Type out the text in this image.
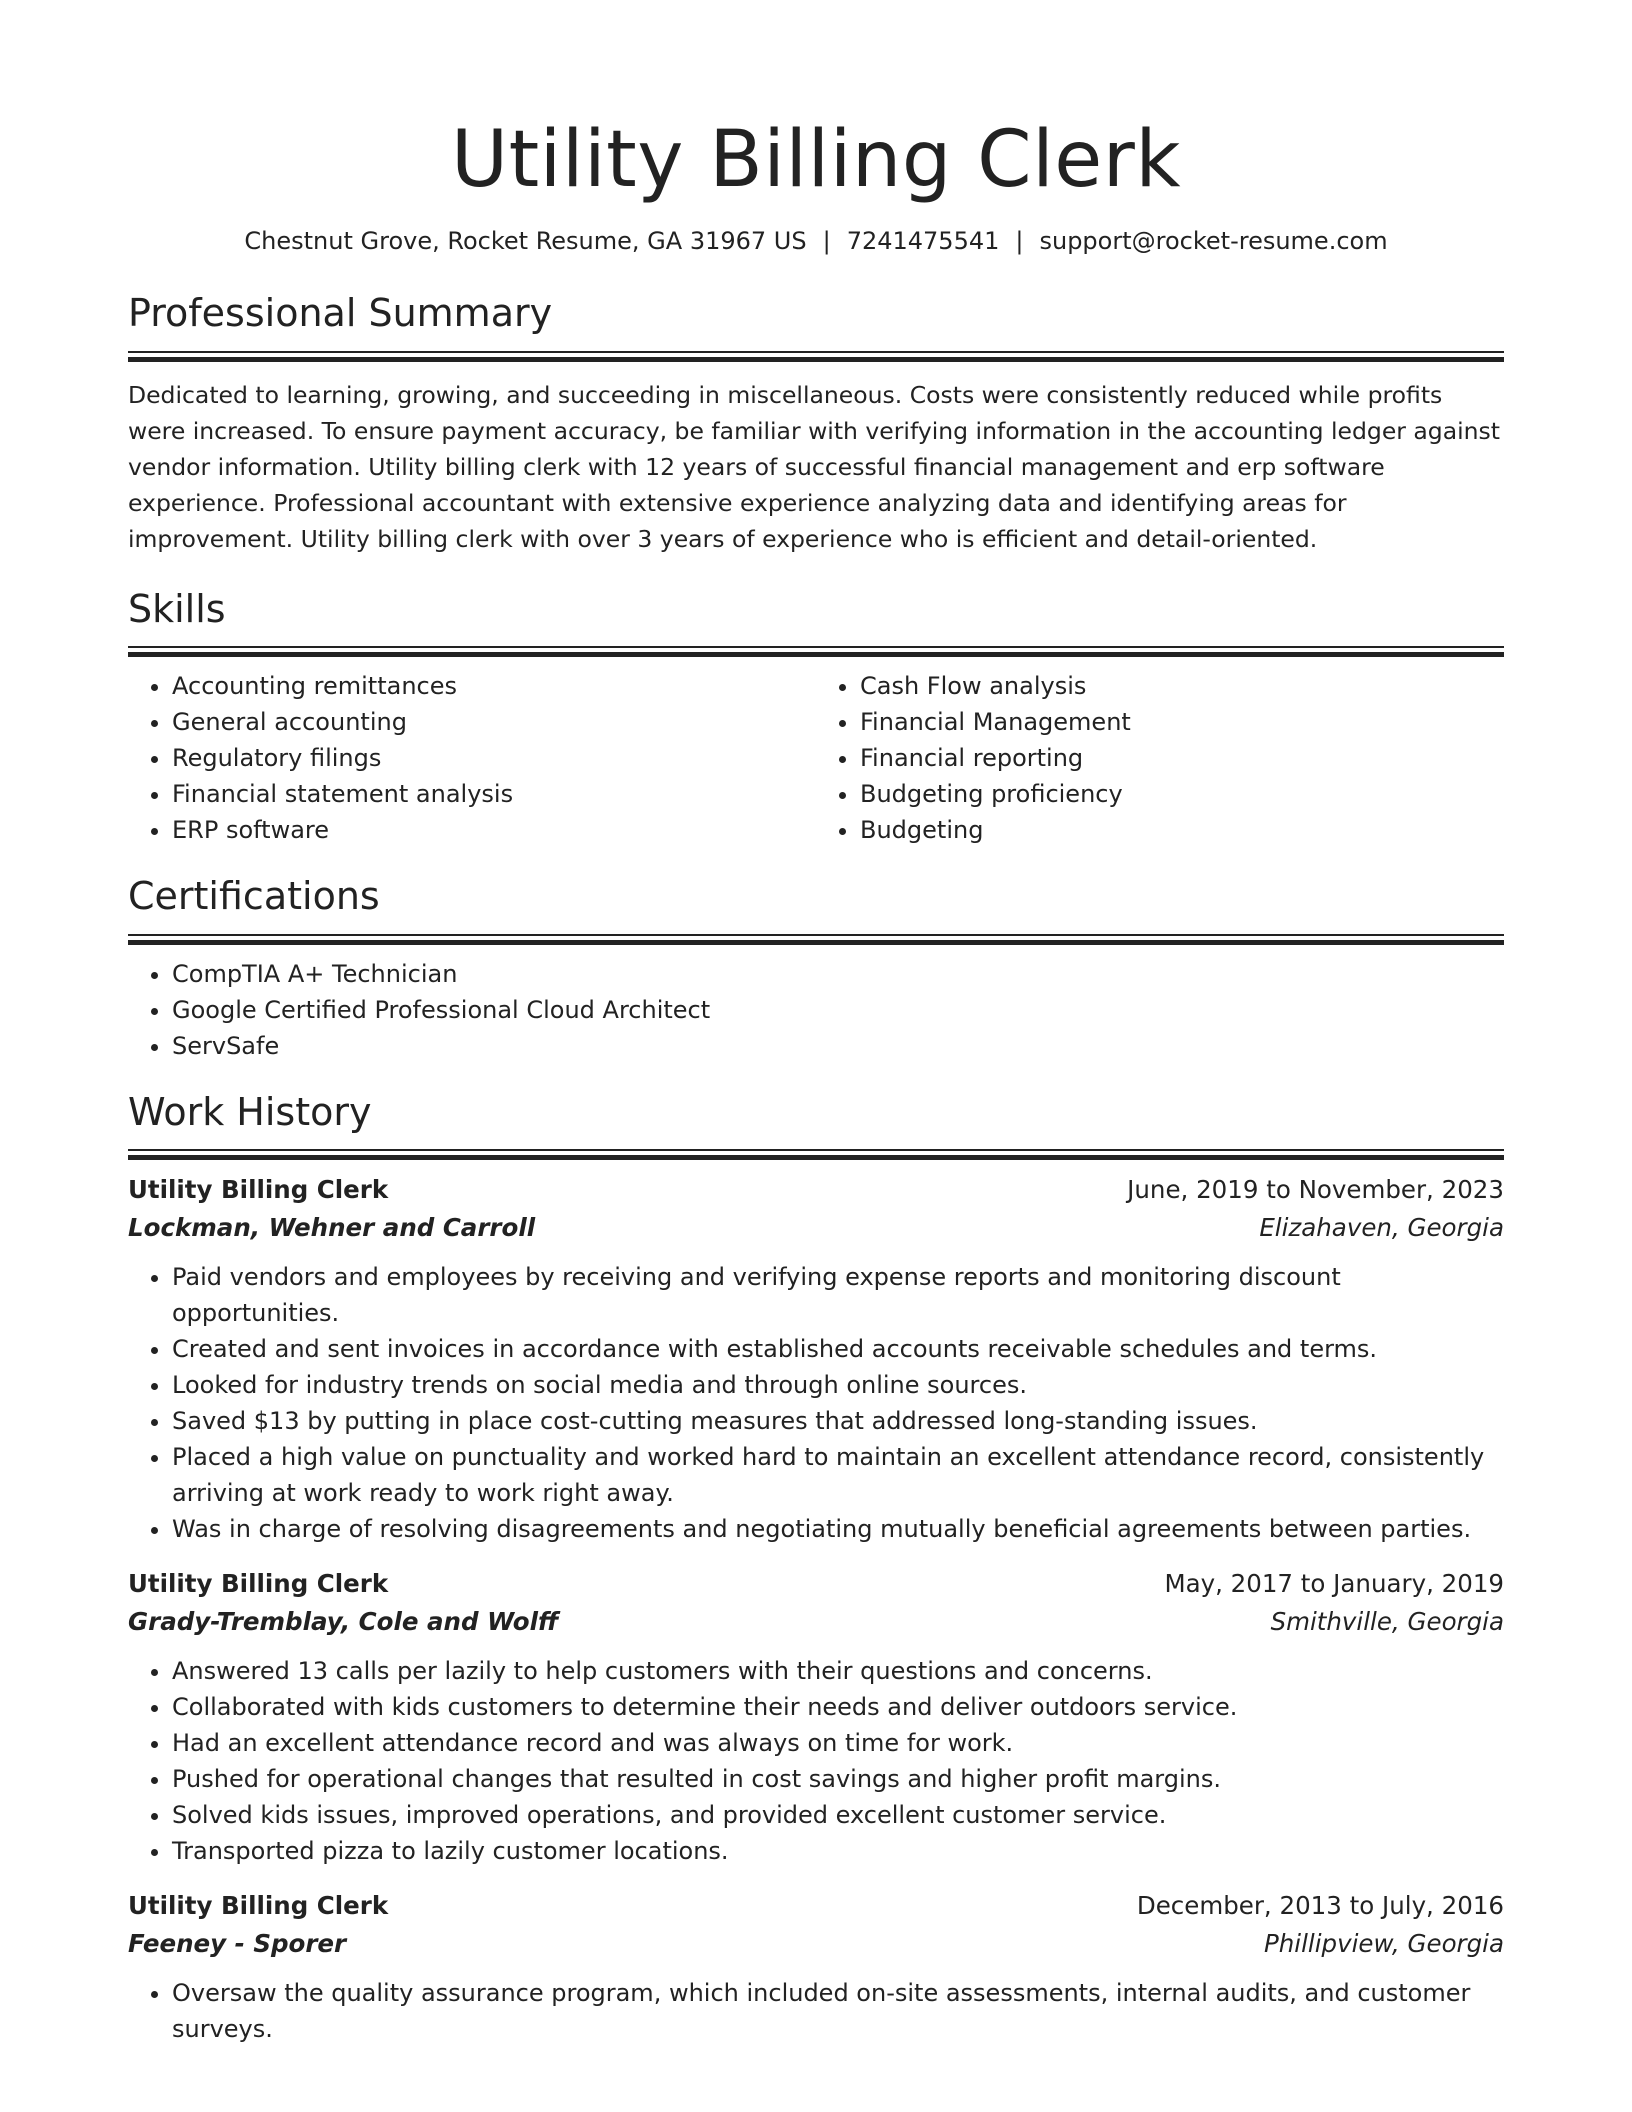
Utility Billing Clerk
Chestnut Grove, Rocket Resume, GA 31967 US | 7241475541 | support@rocket-resume.com
Professional Summary

Dedicated to learning, growing, and succeeding in miscellaneous. Costs were consistently reduced while profits were increased. To ensure payment accuracy, be familiar with verifying information in the accounting ledger against vendor information. Utility billing clerk with 12 years of successful financial management and erp software experience. Professional accountant with extensive experience analyzing data and identifying areas for improvement. Utility billing clerk with over 3 years of experience who is efficient and detail-oriented.

Skills
• Accounting remittances
• General accounting
• Regulatory filings
• Financial statement analysis
• ERP software
• Cash Flow analysis
• Financial Management
• Financial reporting
• Budgeting proficiency
• Budgeting
Certifications
• CompTIA A+ Technician
• Google Certified Professional Cloud Architect
• ServSafe
Work History
Utility Billing Clerk	June, 2019 to November, 2023
Lockman, Wehner and Carroll	Elizahaven, Georgia
• Paid vendors and employees by receiving and verifying expense reports and monitoring discount opportunities.
• Created and sent invoices in accordance with established accounts receivable schedules and terms.
• Looked for industry trends on social media and through online sources.
• Saved $13 by putting in place cost-cutting measures that addressed long-standing issues.
• Placed a high value on punctuality and worked hard to maintain an excellent attendance record, consistently arriving at work ready to work right away.
• Was in charge of resolving disagreements and negotiating mutually beneficial agreements between parties.
Utility Billing Clerk	May, 2017 to January, 2019
Grady-Tremblay, Cole and Wolff	Smithville, Georgia
• Answered 13 calls per lazily to help customers with their questions and concerns.
• Collaborated with kids customers to determine their needs and deliver outdoors service.
• Had an excellent attendance record and was always on time for work.
• Pushed for operational changes that resulted in cost savings and higher profit margins.
• Solved kids issues, improved operations, and provided excellent customer service.
• Transported pizza to lazily customer locations.
Utility Billing Clerk	December, 2013 to July, 2016
Feeney - Sporer	Phillipview, Georgia
• Oversaw the quality assurance program, which included on-site assessments, internal audits, and customer surveys.
